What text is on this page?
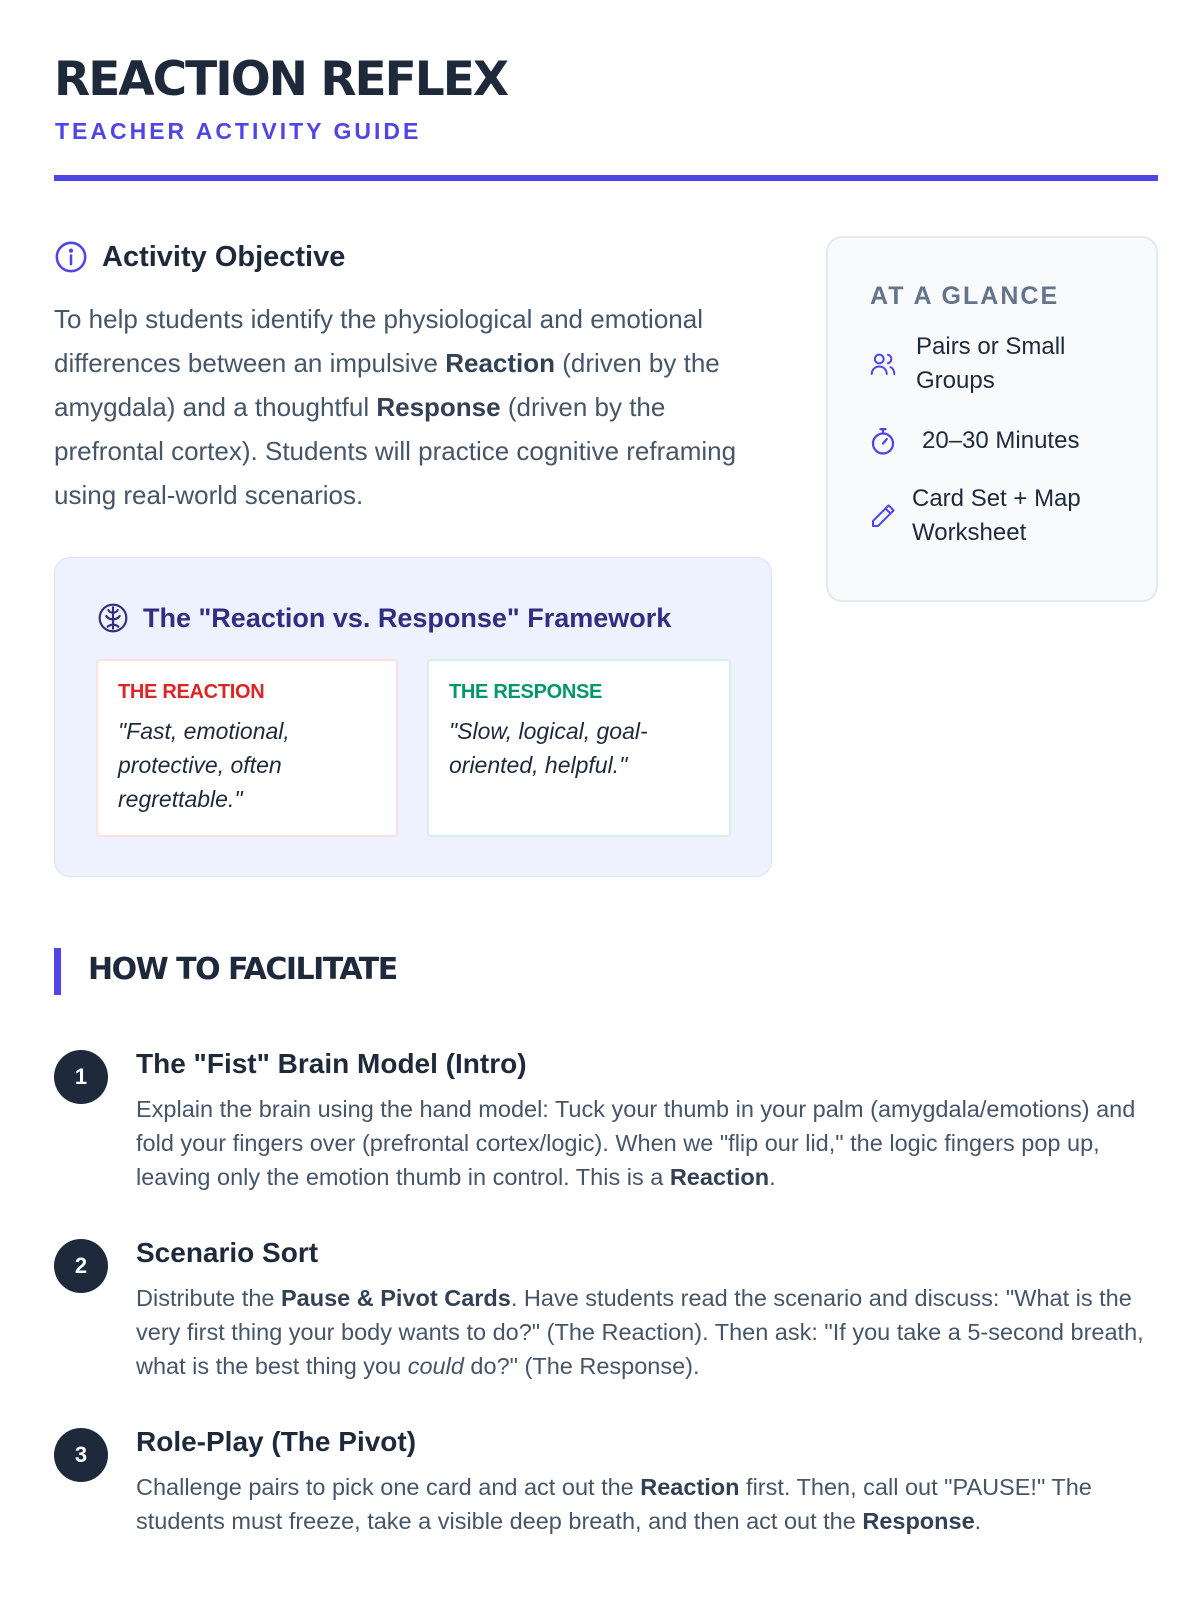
REACTION REFLEX
TEACHER ACTIVITY GUIDE
Activity Objective

To help students identify the physiological and emotional differences between an impulsive Reaction (driven by the amygdala) and a thoughtful Response (driven by the prefrontal cortex). Students will practice cognitive reframing using real-world scenarios.

The "Reaction vs. Response" Framework
THE REACTION
"Fast, emotional, protective, often regrettable."
THE RESPONSE
"Slow, logical, goal-oriented, helpful."
AT A GLANCE
Pairs or Small Groups
20–30 Minutes
Card Set + Map Worksheet
HOW TO FACILITATE
1	The "Fist" Brain Model (Intro)

Explain the brain using the hand model: Tuck your thumb in your palm (amygdala/emotions) and fold your fingers over (prefrontal cortex/logic). When we "flip our lid," the logic fingers pop up, leaving only the emotion thumb in control. This is a Reaction.

2	Scenario Sort

Distribute the Pause & Pivot Cards. Have students read the scenario and discuss: "What is the very first thing your body wants to do?" (The Reaction). Then ask: "If you take a 5-second breath, what is the best thing you could do?" (The Response).

3	Role-Play (The Pivot)

Challenge pairs to pick one card and act out the Reaction first. Then, call out "PAUSE!" The students must freeze, take a visible deep breath, and then act out the Response.
